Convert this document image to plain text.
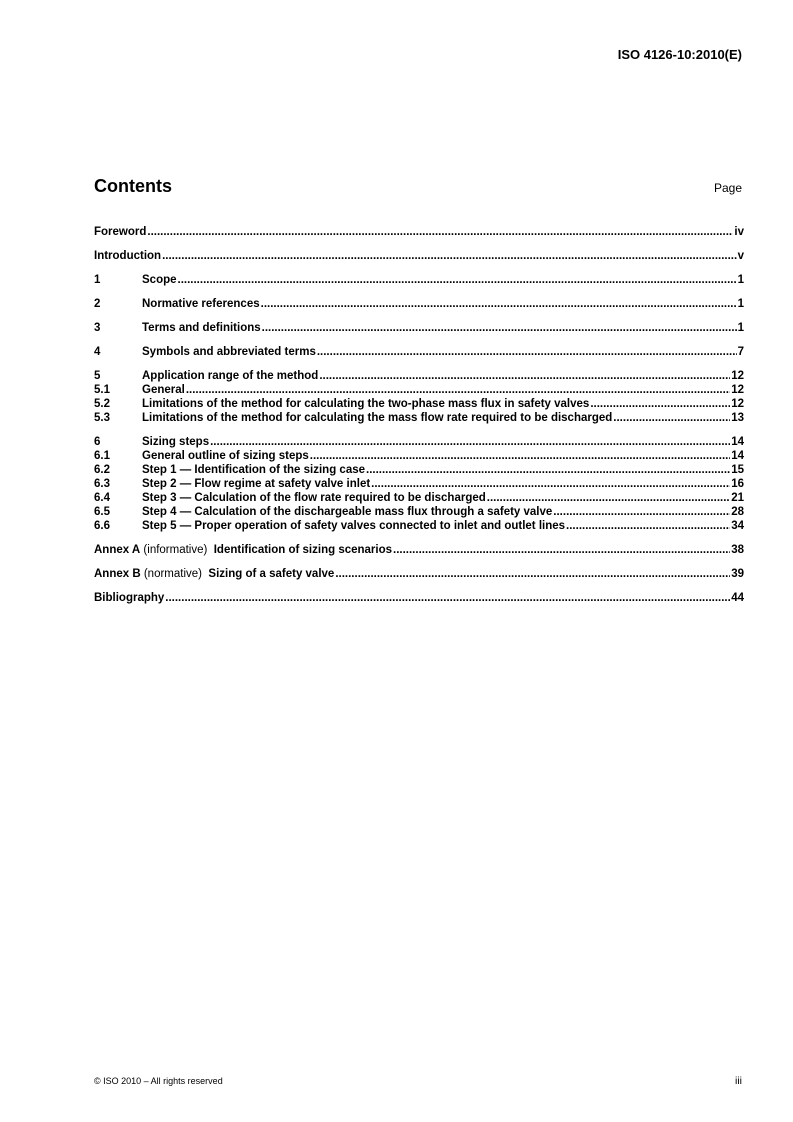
ISO 4126-10:2010(E)
Contents	Page
Foreword .....	iv
Introduction .....	v
1	Scope .....	1
2	Normative references .....	1
3	Terms and definitions .....	1
4	Symbols and abbreviated terms .....	7
5	Application range of the method .....	12
5.1	General .....	12
5.2	Limitations of the method for calculating the two-phase mass flux in safety valves .....	12
5.3	Limitations of the method for calculating the mass flow rate required to be discharged .....	13
6	Sizing steps .....	14
6.1	General outline of sizing steps .....	14
6.2	Step 1 — Identification of the sizing case .....	15
6.3	Step 2 — Flow regime at safety valve inlet .....	16
6.4	Step 3 — Calculation of the flow rate required to be discharged .....	21
6.5	Step 4 — Calculation of the dischargeable mass flux through a safety valve .....	28
6.6	Step 5 — Proper operation of safety valves connected to inlet and outlet lines .....	34
Annex A (informative)  Identification of sizing scenarios .....	38
Annex B (normative)  Sizing of a safety valve .....	39
Bibliography .....	44
© ISO 2010 – All rights reserved	iii
